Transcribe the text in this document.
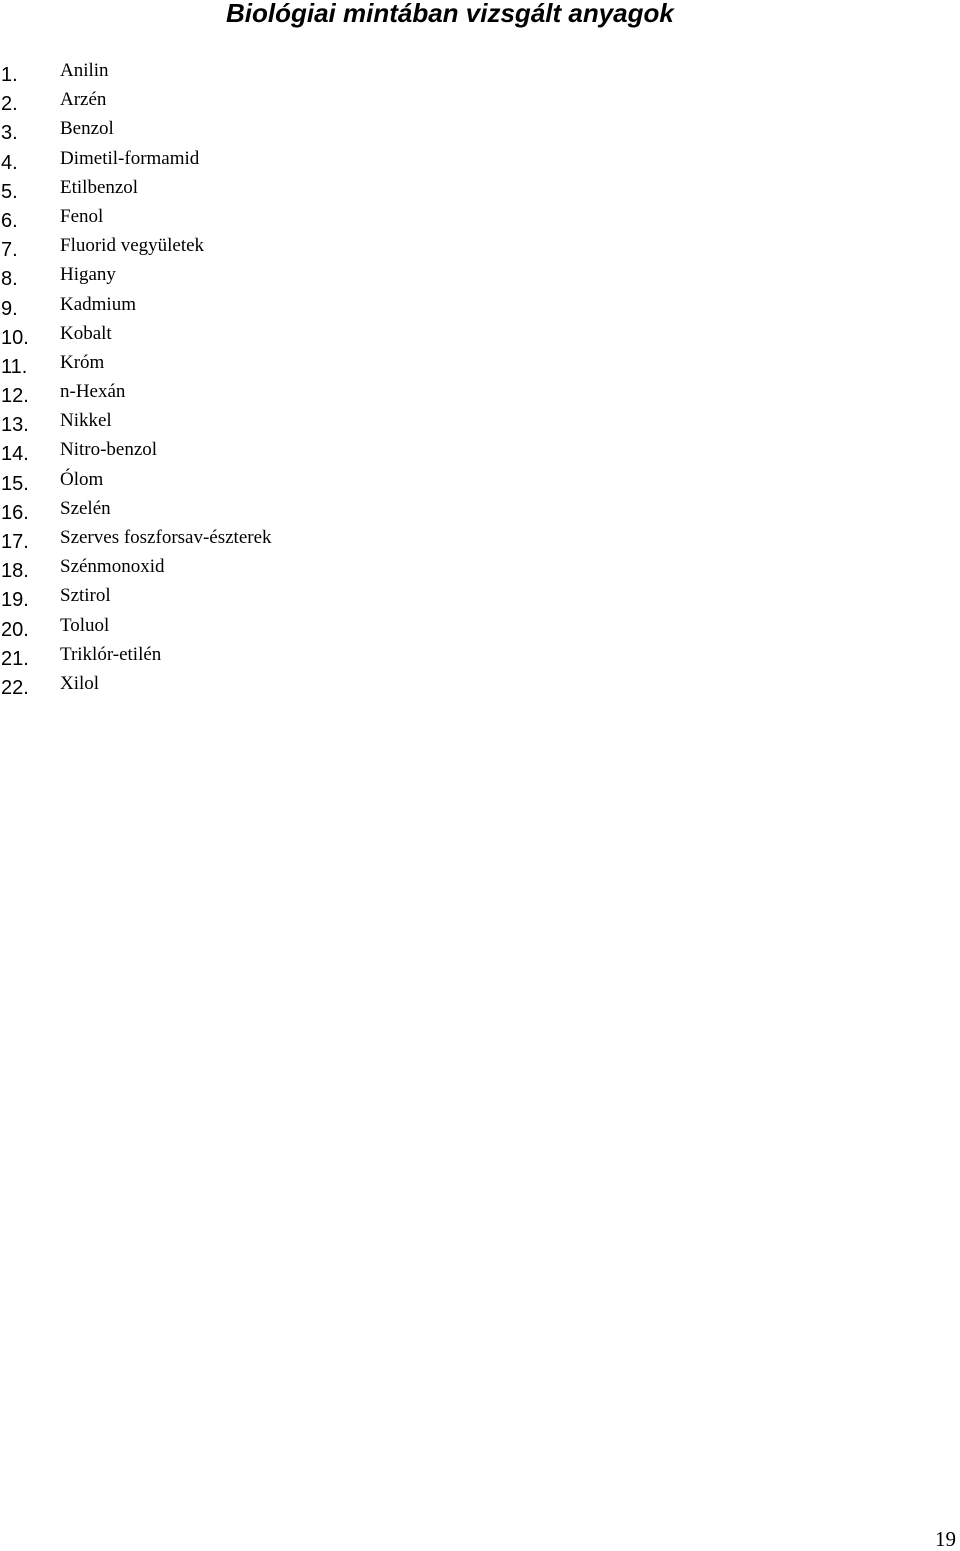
Biológiai mintában vizsgált anyagok
1. Anilin
2. Arzén
3. Benzol
4. Dimetil-formamid
5. Etilbenzol
6. Fenol
7. Fluorid vegyületek
8. Higany
9. Kadmium
10. Kobalt
11. Króm
12. n-Hexán
13. Nikkel
14. Nitro-benzol
15. Ólom
16. Szelén
17. Szerves foszforsav-észterek
18. Szénmonoxid
19. Sztirol
20. Toluol
21. Triklór-etilén
22. Xilol
19
